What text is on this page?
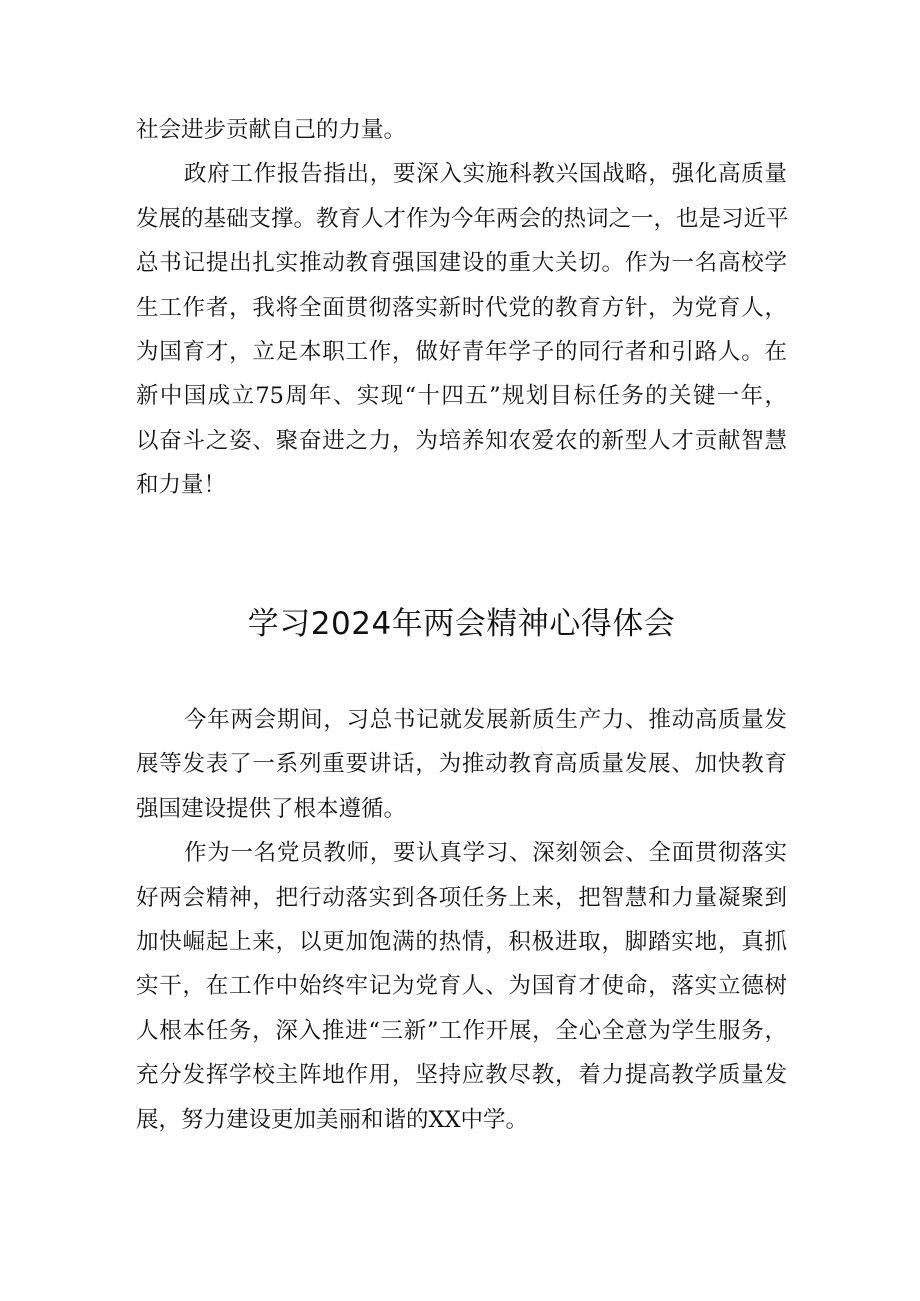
社会进步贡献自己的力量。
政府工作报告指出，要深入实施科教兴国战略，强化高质量
发展的基础支撑。教育人才作为今年两会的热词之一，也是习近平
总书记提出扎实推动教育强国建设的重大关切。作为一名高校学
生工作者，我将全面贯彻落实新时代党的教育方针，为党育人，
为国育才，立足本职工作，做好青年学子的同行者和引路人。在
新中国成立75周年、实现“十四五”规划目标任务的关键一年，
以奋斗之姿、聚奋进之力，为培养知农爱农的新型人才贡献智慧
和力量！
学习2024年两会精神心得体会
今年两会期间，习总书记就发展新质生产力、推动高质量发
展等发表了一系列重要讲话，为推动教育高质量发展、加快教育
强国建设提供了根本遵循。
作为一名党员教师，要认真学习、深刻领会、全面贯彻落实
好两会精神，把行动落实到各项任务上来，把智慧和力量凝聚到
加快崛起上来，以更加饱满的热情，积极进取，脚踏实地，真抓
实干，在工作中始终牢记为党育人、为国育才使命，落实立德树
人根本任务，深入推进“三新”工作开展，全心全意为学生服务，
充分发挥学校主阵地作用，坚持应教尽教，着力提高教学质量发
展，努力建设更加美丽和谐的XX中学。
